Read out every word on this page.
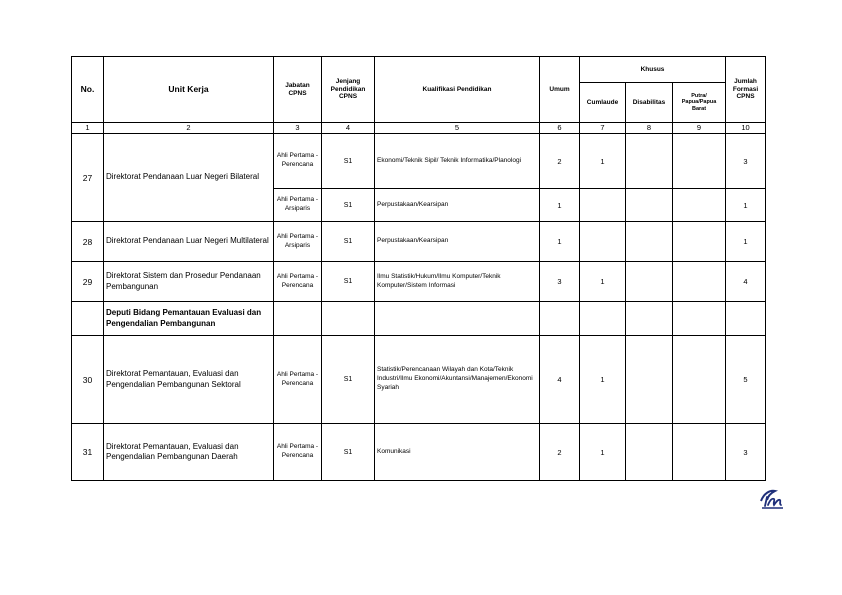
No.	Unit Kerja	Jabatan CPNS	Jenjang Pendidikan CPNS	Kualifikasi Pendidikan	Umum	Khusus			Jumlah Formasi CPNS
						Cumlaude	Disabilitas	Putra/ Papua/Papua Barat	
1	2	3	4	5	6	7	8	9	10
27	Direktorat Pendanaan Luar Negeri Bilateral	Ahli Pertama - Perencana	S1	Ekonomi/Teknik Sipil/ Teknik Informatika/Planologi	2	1			3
		Ahli Pertama - Arsiparis	S1	Perpustakaan/Kearsipan	1				1
28	Direktorat Pendanaan Luar Negeri Multilateral	Ahli Pertama - Arsiparis	S1	Perpustakaan/Kearsipan	1				1
29	Direktorat Sistem dan Prosedur Pendanaan Pembangunan	Ahli Pertama - Perencana	S1	Ilmu Statistik/Hukum/Ilmu Komputer/Teknik Komputer/Sistem Informasi	3	1			4
	Deputi Bidang Pemantauan Evaluasi dan Pengendalian Pembangunan								
30	Direktorat Pemantauan, Evaluasi dan Pengendalian Pembangunan Sektoral	Ahli Pertama - Perencana	S1	Statistik/Perencanaan Wilayah dan Kota/Teknik Industri/Ilmu Ekonomi/Akuntansi/Manajemen/Ekonomi Syariah	4	1			5
31	Direktorat Pemantauan, Evaluasi dan Pengendalian Pembangunan Daerah	Ahli Pertama - Perencana	S1	Komunikasi	2	1			3
